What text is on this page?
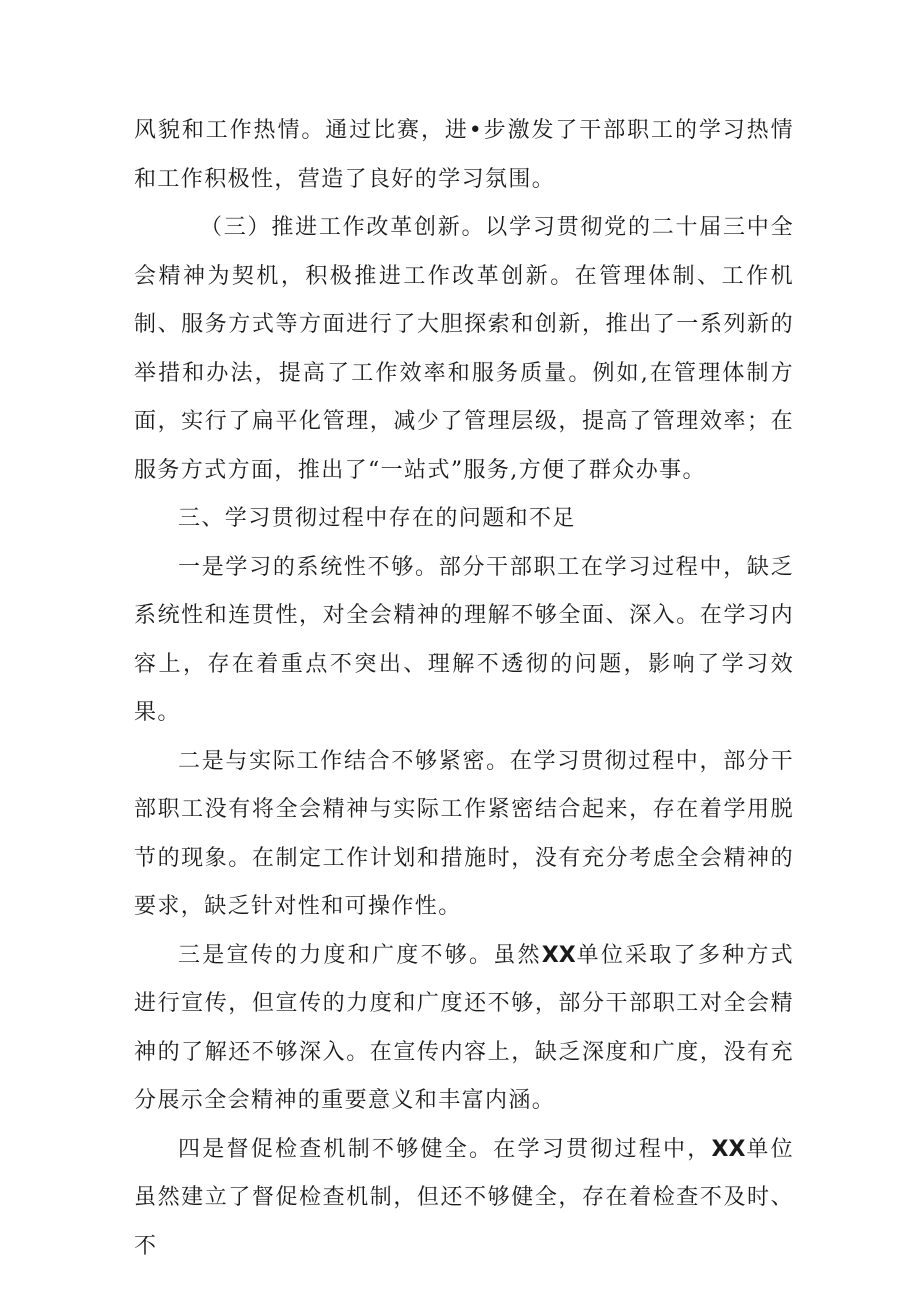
风貌和工作热情。通过比赛，进•步激发了干部职工的学习热情和工作积极性，营造了良好的学习氛围。

（三）推进工作改革创新。以学习贯彻党的二十届三中全会精神为契机，积极推进工作改革创新。在管理体制、工作机制、服务方式等方面进行了大胆探索和创新，推出了一系列新的举措和办法，提高了工作效率和服务质量。例如,在管理体制方面，实行了扁平化管理，减少了管理层级，提高了管理效率；在服务方式方面，推出了“一站式”服务,方便了群众办事。

三、学习贯彻过程中存在的问题和不足

一是学习的系统性不够。部分干部职工在学习过程中，缺乏系统性和连贯性，对全会精神的理解不够全面、深入。在学习内容上，存在着重点不突出、理解不透彻的问题，影响了学习效果。

二是与实际工作结合不够紧密。在学习贯彻过程中，部分干部职工没有将全会精神与实际工作紧密结合起来，存在着学用脱节的现象。在制定工作计划和措施时，没有充分考虑全会精神的要求，缺乏针对性和可操作性。

三是宣传的力度和广度不够。虽然XX单位采取了多种方式进行宣传，但宣传的力度和广度还不够，部分干部职工对全会精神的了解还不够深入。在宣传内容上，缺乏深度和广度，没有充分展示全会精神的重要意义和丰富内涵。

四是督促检查机制不够健全。在学习贯彻过程中，XX单位虽然建立了督促检查机制，但还不够健全，存在着检查不及时、不
